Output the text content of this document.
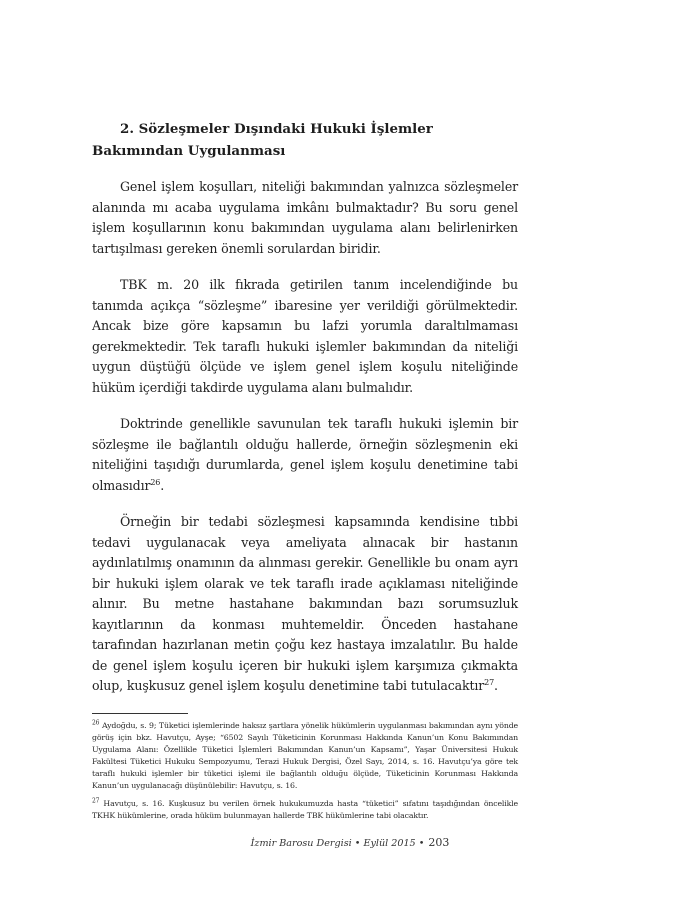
2. Sözleşmeler Dışındaki Hukuki İşlemler Bakımından Uygulanması

Genel işlem koşulları, niteliği bakımından yalnızca sözleşmeler alanında mı acaba uygulama imkânı bulmaktadır? Bu soru genel işlem koşullarının konu bakımından uygulama alanı belirlenirken tartışılması gereken önemli sorulardan biridir.

TBK m. 20 ilk fıkrada getirilen tanım incelendiğinde bu tanımda açıkça “sözleşme” ibaresine yer verildiği görülmektedir. Ancak bize göre kapsamın bu lafzi yorumla daraltılmaması gerekmektedir. Tek taraflı hukuki işlemler bakımından da niteliği uygun düştüğü ölçüde ve işlem genel işlem koşulu niteliğinde hüküm içerdiği takdirde uygulama alanı bulmalıdır.

Doktrinde genellikle savunulan tek taraflı hukuki işlemin bir sözleşme ile bağlantılı olduğu hallerde, örneğin sözleşmenin eki niteliğini taşıdığı durumlarda, genel işlem koşulu denetimine tabi olmasıdır$^{26}$.

Örneğin bir tedabi sözleşmesi kapsamında kendisine tıbbi tedavi uygulanacak veya ameliyata alınacak bir hastanın aydınlatılmış onamının da alınması gerekir. Genellikle bu onam ayrı bir hukuki işlem olarak ve tek taraflı irade açıklaması niteliğinde alınır. Bu metne hastahane bakımından bazı sorumsuzluk kayıtlarının da konması muhtemeldir. Önceden hastahane tarafından hazırlanan metin çoğu kez hastaya imzalatılır. Bu halde de genel işlem koşulu içeren bir hukuki işlem karşımıza çıkmakta olup, kuşkusuz genel işlem koşulu denetimine tabi tutulacaktır$^{27}$.

$^{26}$ Aydoğdu, s. 9; Tüketici işlemlerinde haksız şartlara yönelik hükümlerin uygulanması bakımından aynı yönde görüş için bkz. Havutçu, Ayşe; “6502 Sayılı Tüketicinin Korunması Hakkında Kanun’un Konu Bakımından Uygulama Alanı: Özellikle Tüketici İşlemleri Bakımından Kanun’un Kapsamı”, Yaşar Üniversitesi Hukuk Fakültesi Tüketici Hukuku Sempozyumu, Terazi Hukuk Dergisi, Özel Sayı, 2014, s. 16. Havutçu’ya göre tek taraflı hukuki işlemler bir tüketici işlemi ile bağlantılı olduğu ölçüde, Tüketicinin Korunması Hakkında Kanun’un uygulanacağı düşünülebilir: Havutçu, s. 16.

$^{27}$ Havutçu, s. 16. Kuşkusuz bu verilen örnek hukukumuzda hasta “tüketici” sıfatını taşıdığından öncelikle TKHK hükümlerine, orada hüküm bulunmayan hallerde TBK hükümlerine tabi olacaktır.

İzmir Barosu Dergisi • Eylül 2015 • 203
